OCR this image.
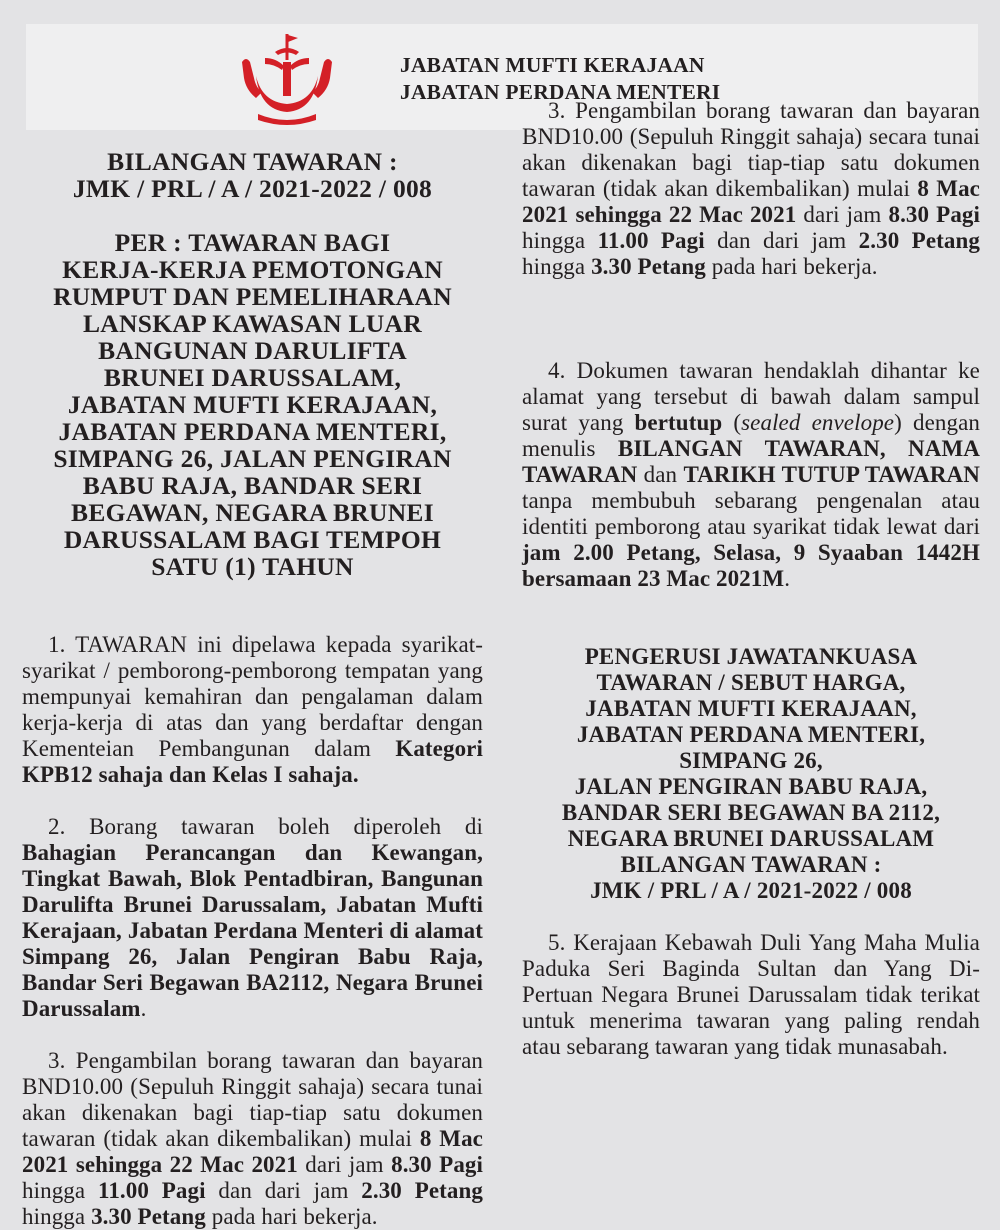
JABATAN MUFTI KERAJAAN
JABATAN PERDANA MENTERI
BILANGAN TAWARAN :
JMK / PRL / A / 2021-2022 / 008
PER : TAWARAN BAGI
KERJA-KERJA PEMOTONGAN
RUMPUT DAN PEMELIHARAAN
LANSKAP KAWASAN LUAR
BANGUNAN DARULIFTA
BRUNEI DARUSSALAM,
JABATAN MUFTI KERAJAAN,
JABATAN PERDANA MENTERI,
SIMPANG 26, JALAN PENGIRAN
BABU RAJA, BANDAR SERI
BEGAWAN, NEGARA BRUNEI
DARUSSALAM BAGI TEMPOH
SATU (1) TAHUN

1. TAWARAN ini dipelawa kepada syarikat-syarikat / pemborong-pemborong tempatan yang mempunyai kemahiran dan pengalaman dalam kerja-kerja di atas dan yang berdaftar dengan Kementeian Pembangunan dalam Kategori KPB12 sahaja dan Kelas I sahaja.

2. Borang tawaran boleh diperoleh di Bahagian Perancangan dan Kewangan, Tingkat Bawah, Blok Pentadbiran, Bangunan Darulifta Brunei Darussalam, Jabatan Mufti Kerajaan, Jabatan Perdana Menteri di alamat Simpang 26, Jalan Pengiran Babu Raja, Bandar Seri Begawan BA2112, Negara Brunei Darussalam.

3. Pengambilan borang tawaran dan bayaran BND10.00 (Sepuluh Ringgit sahaja) secara tunai akan dikenakan bagi tiap-tiap satu dokumen tawaran (tidak akan dikembalikan) mulai 8 Mac 2021 sehingga 22 Mac 2021 dari jam 8.30 Pagi hingga 11.00 Pagi dan dari jam 2.30 Petang hingga 3.30 Petang pada hari bekerja.

3. Pengambilan borang tawaran dan bayaran BND10.00 (Sepuluh Ringgit sahaja) secara tunai akan dikenakan bagi tiap-tiap satu dokumen tawaran (tidak akan dikembalikan) mulai 8 Mac 2021 sehingga 22 Mac 2021 dari jam 8.30 Pagi hingga 11.00 Pagi dan dari jam 2.30 Petang hingga 3.30 Petang pada hari bekerja.

4. Dokumen tawaran hendaklah dihantar ke alamat yang tersebut di bawah dalam sampul surat yang bertutup (sealed envelope) dengan menulis BILANGAN TAWARAN, NAMA TAWARAN dan TARIKH TUTUP TAWARAN tanpa membubuh sebarang pengenalan atau identiti pemborong atau syarikat tidak lewat dari jam 2.00 Petang, Selasa, 9 Syaaban 1442H bersamaan 23 Mac 2021M.

PENGERUSI JAWATANKUASA
TAWARAN / SEBUT HARGA,
JABATAN MUFTI KERAJAAN,
JABATAN PERDANA MENTERI,
SIMPANG 26,
JALAN PENGIRAN BABU RAJA,
BANDAR SERI BEGAWAN BA 2112,
NEGARA BRUNEI DARUSSALAM
BILANGAN TAWARAN :
JMK / PRL / A / 2021-2022 / 008

5. Kerajaan Kebawah Duli Yang Maha Mulia Paduka Seri Baginda Sultan dan Yang Di-Pertuan Negara Brunei Darussalam tidak terikat untuk menerima tawaran yang paling rendah atau sebarang tawaran yang tidak munasabah.
